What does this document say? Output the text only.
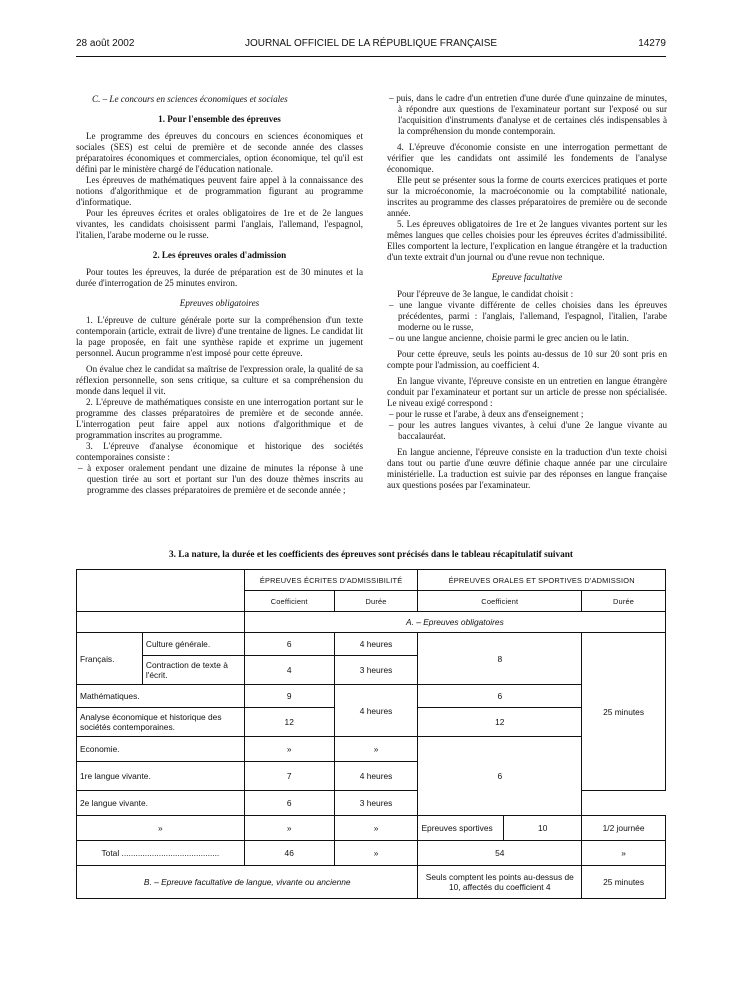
28 août 2002	JOURNAL OFFICIEL DE LA RÉPUBLIQUE FRANÇAISE	14279
C. – Le concours en sciences économiques et sociales
1. Pour l'ensemble des épreuves

Le programme des épreuves du concours en sciences économiques et sociales (SES) est celui de première et de seconde année des classes préparatoires économiques et commerciales, option économique, tel qu'il est défini par le ministère chargé de l'éducation nationale.

Les épreuves de mathématiques peuvent faire appel à la connaissance des notions d'algorithmique et de programmation figurant au programme d'informatique.

Pour les épreuves écrites et orales obligatoires de 1re et de 2e langues vivantes, les candidats choisissent parmi l'anglais, l'allemand, l'espagnol, l'italien, l'arabe moderne ou le russe.

2. Les épreuves orales d'admission

Pour toutes les épreuves, la durée de préparation est de 30 minutes et la durée d'interrogation de 25 minutes environ.

Epreuves obligatoires

1. L'épreuve de culture générale porte sur la compréhension d'un texte contemporain (article, extrait de livre) d'une trentaine de lignes. Le candidat lit la page proposée, en fait une synthèse rapide et exprime un jugement personnel. Aucun programme n'est imposé pour cette épreuve.

On évalue chez le candidat sa maîtrise de l'expression orale, la qualité de sa réflexion personnelle, son sens critique, sa culture et sa compréhension du monde dans lequel il vit.

2. L'épreuve de mathématiques consiste en une interrogation portant sur le programme des classes préparatoires de première et de seconde année. L'interrogation peut faire appel aux notions d'algorithmique et de programmation inscrites au programme.

3. L'épreuve d'analyse économique et historique des sociétés contemporaines consiste :

– à exposer oralement pendant une dizaine de minutes la réponse à une question tirée au sort et portant sur l'un des douze thèmes inscrits au programme des classes préparatoires de première et de seconde année ;

– puis, dans le cadre d'un entretien d'une durée d'une quinzaine de minutes, à répondre aux questions de l'examinateur portant sur l'exposé ou sur l'acquisition d'instruments d'analyse et de certaines clés indispensables à la compréhension du monde contemporain.

4. L'épreuve d'économie consiste en une interrogation permettant de vérifier que les candidats ont assimilé les fondements de l'analyse économique.

Elle peut se présenter sous la forme de courts exercices pratiques et porte sur la microéconomie, la macroéconomie ou la comptabilité nationale, inscrites au programme des classes préparatoires de première ou de seconde année.

5. Les épreuves obligatoires de 1re et 2e langues vivantes portent sur les mêmes langues que celles choisies pour les épreuves écrites d'admissibilité. Elles comportent la lecture, l'explication en langue étrangère et la traduction d'un texte extrait d'un journal ou d'une revue non technique.

Epreuve facultative

Pour l'épreuve de 3e langue, le candidat choisit :

– une langue vivante différente de celles choisies dans les épreuves précédentes, parmi : l'anglais, l'allemand, l'espagnol, l'italien, l'arabe moderne ou le russe,

– ou une langue ancienne, choisie parmi le grec ancien ou le latin.

Pour cette épreuve, seuls les points au-dessus de 10 sur 20 sont pris en compte pour l'admission, au coefficient 4.

En langue vivante, l'épreuve consiste en un entretien en langue étrangère conduit par l'examinateur et portant sur un article de presse non spécialisée. Le niveau exigé correspond :

– pour le russe et l'arabe, à deux ans d'enseignement ;

– pour les autres langues vivantes, à celui d'une 2e langue vivante au baccalauréat.

En langue ancienne, l'épreuve consiste en la traduction d'un texte choisi dans tout ou partie d'une œuvre définie chaque année par une circulaire ministérielle. La traduction est suivie par des réponses en langue française aux questions posées par l'examinateur.

3. La nature, la durée et les coefficients des épreuves sont précisés dans le tableau récapitulatif suivant
		ÉPREUVES ÉCRITES D'ADMISSIBILITÉ		ÉPREUVES ORALES ET SPORTIVES D'ADMISSION		
		Coefficient	Durée	Coefficient		Durée
		A. – Epreuves obligatoires				
Français.	Culture générale.	6	4 heures	8		25 minutes
	Contraction de texte à l'écrit.	4	3 heures			
Mathématiques.		9	4 heures	6		
Analyse économique et historique des sociétés contemporaines.		12		12		
Economie.		»	»	6		
1re langue vivante.		7	4 heures			
2e langue vivante.		6	3 heures			
»		»	»	Epreuves sportives	10	1/2 journée
Total ..........................................		46	»	54		»
B. – Epreuve facultative de langue, vivante ou ancienne				Seuls comptent les points au-dessus de 10, affectés du coefficient 4		25 minutes
